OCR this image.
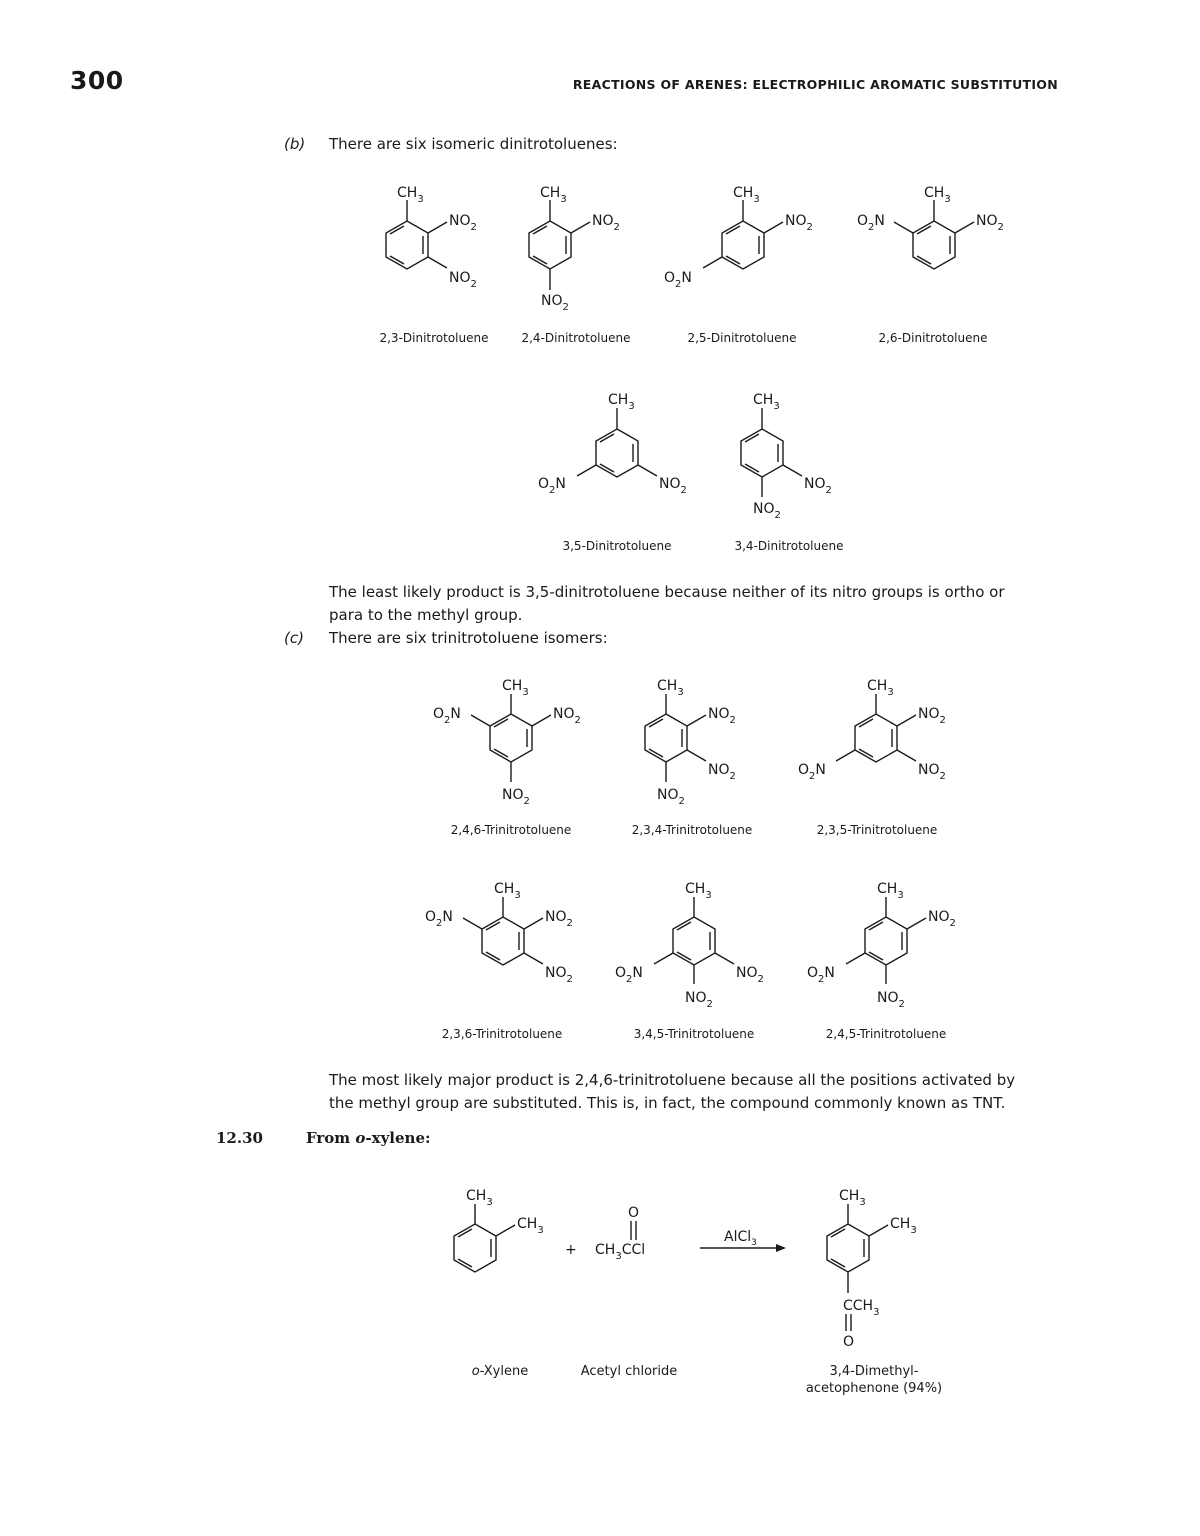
300	REACTIONS OF ARENES: ELECTROPHILIC AROMATIC SUBSTITUTION
(b) There are six isomeric dinitrotoluenes:
$CH_3$
$NO_2$
$NO_2$
$CH_3$
$NO_2$
$NO_2$
$CH_3$
$NO_2$
$O_2N$
$CH_3$
$NO_2$
$O_2N$
$CH_3$
$NO_2$
$O_2N$
$CH_3$
$NO_2$
$NO_2$
$CH_3$
$NO_2$
$O_2N$
$NO_2$
$CH_3$
$NO_2$
$NO_2$
$NO_2$
$CH_3$
$NO_2$
$NO_2$
$O_2N$
$CH_3$
$NO_2$
$NO_2$
$O_2N$
$CH_3$
$NO_2$
$O_2N$
$NO_2$
$CH_3$
$NO_2$
$O_2N$
$NO_2$
$CH_3$
$CH_3$
+
O
$CH_3CCl$
AlCl$_3$
$CH_3$
$CH_3$
$CCH_3$
O
2,3-Dinitrotoluene	2,4-Dinitrotoluene	2,5-Dinitrotoluene	2,6-Dinitrotoluene
3,5-Dinitrotoluene	3,4-Dinitrotoluene
The least likely product is 3,5-dinitrotoluene because neither of its nitro groups is ortho or
para to the methyl group.
(c) There are six trinitrotoluene isomers:
2,4,6-Trinitrotoluene	2,3,4-Trinitrotoluene	2,3,5-Trinitrotoluene
2,3,6-Trinitrotoluene	3,4,5-Trinitrotoluene	2,4,5-Trinitrotoluene
The most likely major product is 2,4,6-trinitrotoluene because all the positions activated by
the methyl group are substituted. This is, in fact, the compound commonly known as TNT.
12.30	From o-xylene:
o-Xylene	Acetyl chloride	3,4-Dimethyl-
acetophenone (94%)
